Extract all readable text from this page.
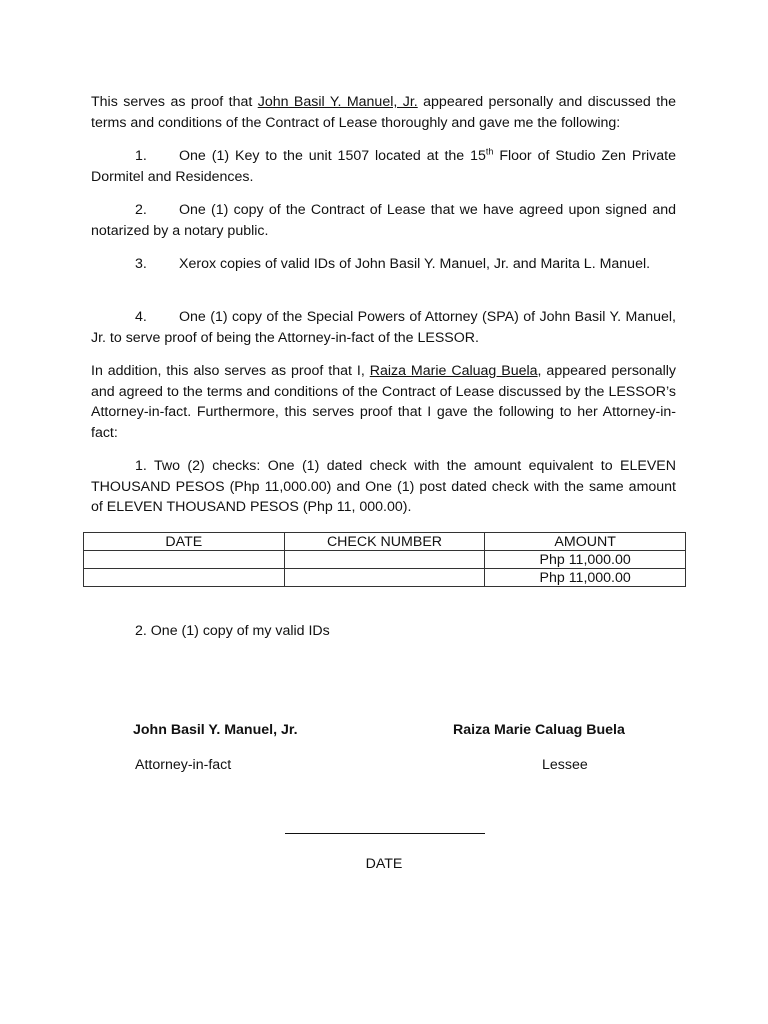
This serves as proof that John Basil Y. Manuel, Jr. appeared personally and discussed the terms and conditions of the Contract of Lease thoroughly and gave me the following:

1. One (1) Key to the unit 1507 located at the 15th Floor of Studio Zen Private Dormitel and Residences.

2. One (1) copy of the Contract of Lease that we have agreed upon signed and notarized by a notary public.

3. Xerox copies of valid IDs of John Basil Y. Manuel, Jr. and Marita L. Manuel.

4. One (1) copy of the Special Powers of Attorney (SPA) of John Basil Y. Manuel, Jr. to serve proof of being the Attorney-in-fact of the LESSOR.

In addition, this also serves as proof that I, Raiza Marie Caluag Buela, appeared personally and agreed to the terms and conditions of the Contract of Lease discussed by the LESSOR’s Attorney-in-fact. Furthermore, this serves proof that I gave the following to her Attorney-in-fact:

1. Two (2) checks: One (1) dated check with the amount equivalent to ELEVEN THOUSAND PESOS (Php 11,000.00) and One (1) post dated check with the same amount of ELEVEN THOUSAND PESOS (Php 11, 000.00).

DATE	CHECK NUMBER	AMOUNT
		Php 11,000.00
		Php 11,000.00

2. One (1) copy of my valid IDs

John Basil Y. Manuel, Jr.	Raiza Marie Caluag Buela
Attorney-in-fact	Lessee
DATE
